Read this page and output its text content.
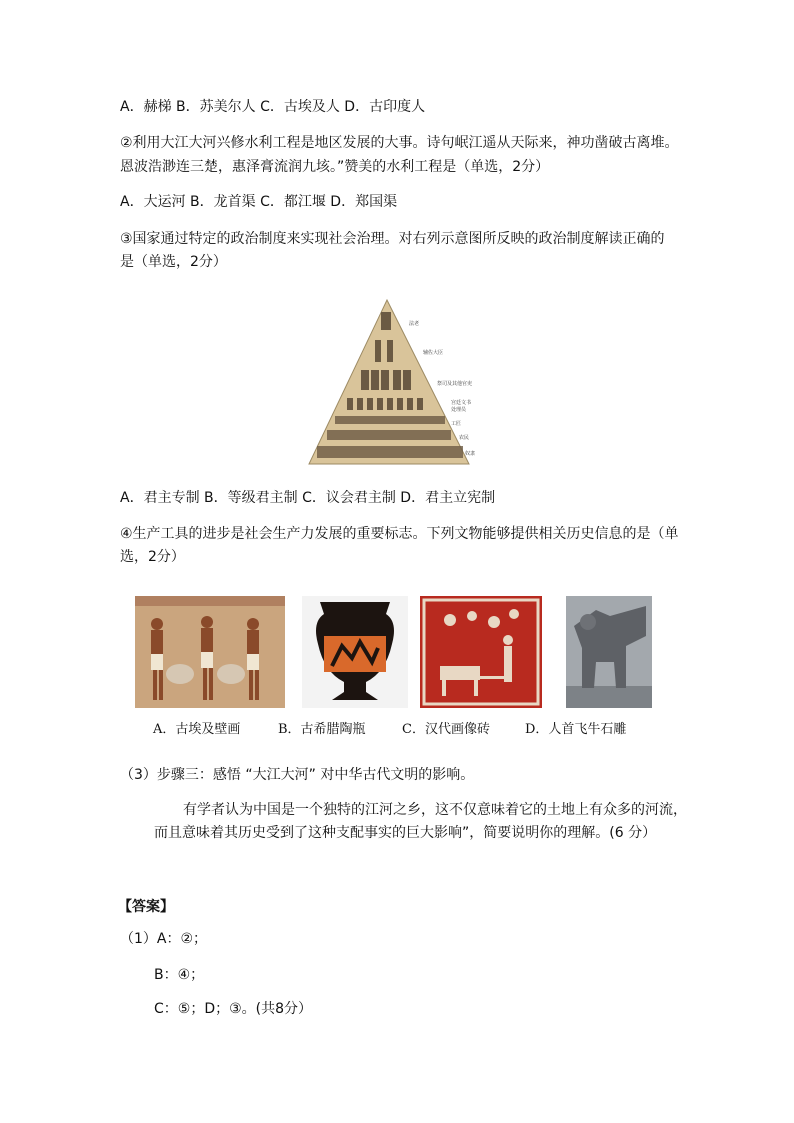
A．赫梯 B．苏美尔人 C．古埃及人 D．古印度人
②利用大江大河兴修水利工程是地区发展的大事。诗句岷江遥从天际来，神功凿破古离堆。
恩波浩渺连三楚，惠泽膏流润九垓。”赞美的水利工程是（单选，2分）
A．大运河 B．龙首渠 C．都江堰 D．郑国渠
③国家通过特定的政治制度来实现社会治理。对右列示意图所反映的政治制度解读正确的
是（单选，2分）
法老
辅佐大臣
祭司及其他官吏
宫廷文书
处理员
工匠
农民
奴隶
A．君主专制 B．等级君主制 C．议会君主制 D．君主立宪制
④生产工具的进步是社会生产力发展的重要标志。下列文物能够提供相关历史信息的是（单
选，2分）
A．古埃及壁画	B．古希腊陶瓶	C．汉代画像砖	D．人首飞牛石雕
（3）步骤三：感悟 “大江大河” 对中华古代文明的影响。
有学者认为中国是一个独特的江河之乡，这不仅意味着它的土地上有众多的河流，
而且意味着其历史受到了这种支配事实的巨大影响”，简要说明你的理解。(6 分）
【答案】
（1）A：②；
B：④；
C：⑤；D；③。(共8分）
